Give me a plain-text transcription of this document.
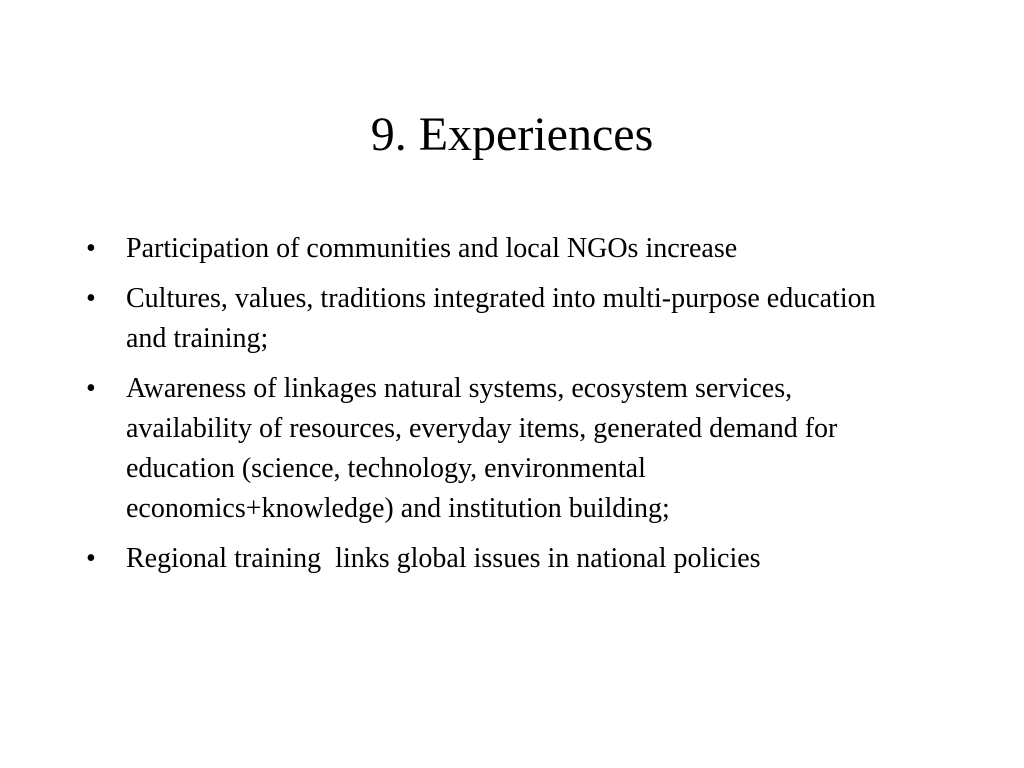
9. Experiences
•	Participation of communities and local NGOs increase
•	Cultures, values, traditions integrated into multi-purpose education and training;
•	Awareness of linkages natural systems, ecosystem services, availability of resources, everyday items, generated demand for education (science, technology, environmental economics+knowledge) and institution building;
•	Regional training  links global issues in national policies
